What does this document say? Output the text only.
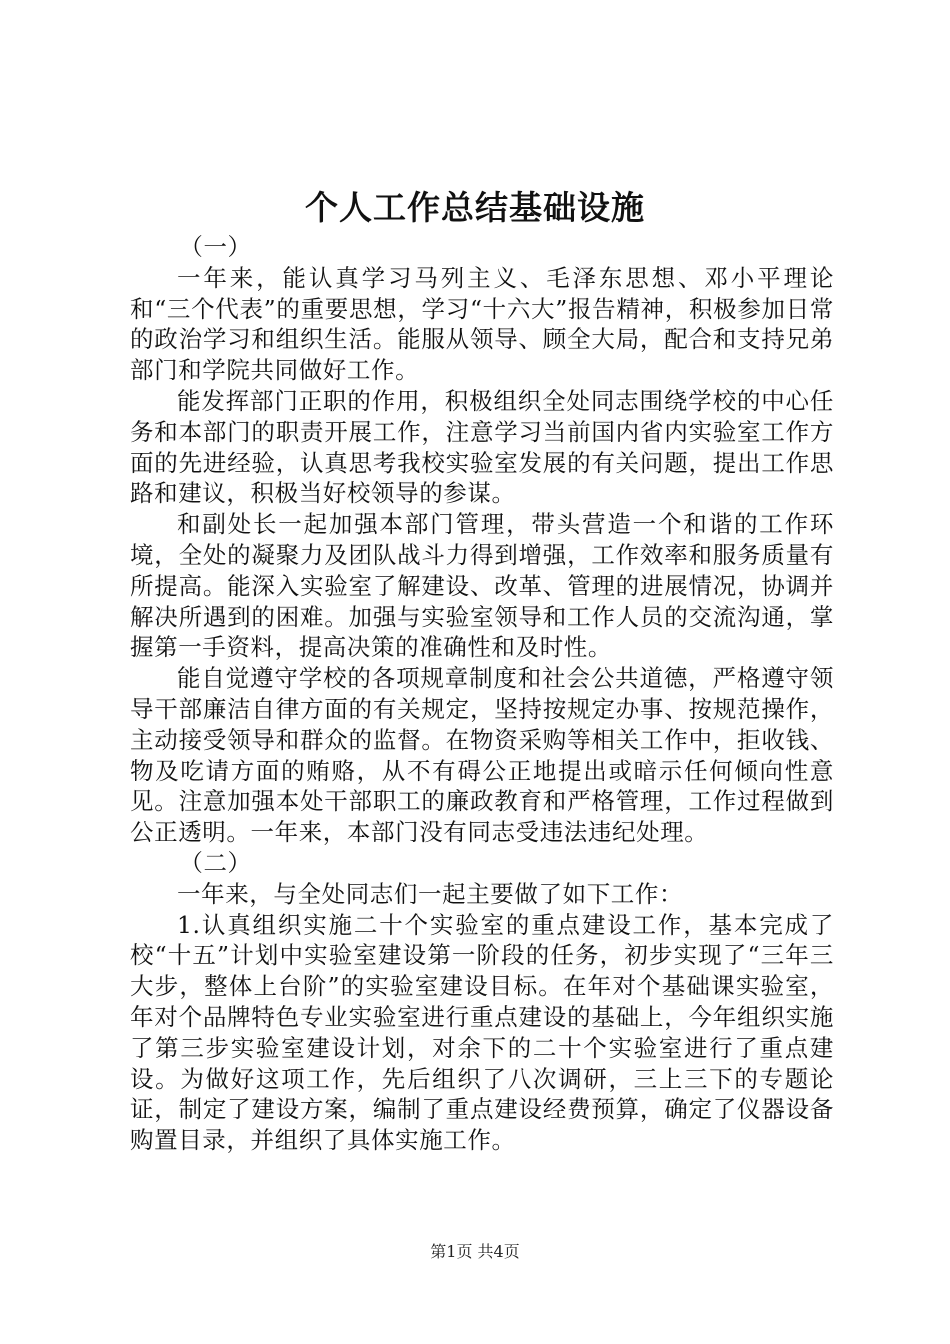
个人工作总结基础设施

（一）

一年来，能认真学习马列主义、毛泽东思想、邓小平理论和“三个代表”的重要思想，学习“十六大”报告精神，积极参加日常的政治学习和组织生活。能服从领导、顾全大局，配合和支持兄弟部门和学院共同做好工作。

能发挥部门正职的作用，积极组织全处同志围绕学校的中心任务和本部门的职责开展工作，注意学习当前国内省内实验室工作方面的先进经验，认真思考我校实验室发展的有关问题，提出工作思路和建议，积极当好校领导的参谋。

和副处长一起加强本部门管理，带头营造一个和谐的工作环境，全处的凝聚力及团队战斗力得到增强，工作效率和服务质量有所提高。能深入实验室了解建设、改革、管理的进展情况，协调并解决所遇到的困难。加强与实验室领导和工作人员的交流沟通，掌握第一手资料，提高决策的准确性和及时性。

能自觉遵守学校的各项规章制度和社会公共道德，严格遵守领导干部廉洁自律方面的有关规定，坚持按规定办事、按规范操作，主动接受领导和群众的监督。在物资采购等相关工作中，拒收钱、物及吃请方面的贿赂，从不有碍公正地提出或暗示任何倾向性意见。注意加强本处干部职工的廉政教育和严格管理，工作过程做到公正透明。一年来，本部门没有同志受违法违纪处理。

（二）

一年来，与全处同志们一起主要做了如下工作：

1.认真组织实施二十个实验室的重点建设工作，基本完成了校“十五”计划中实验室建设第一阶段的任务，初步实现了“三年三大步，整体上台阶”的实验室建设目标。在年对个基础课实验室，年对个品牌特色专业实验室进行重点建设的基础上，今年组织实施了第三步实验室建设计划，对余下的二十个实验室进行了重点建设。为做好这项工作，先后组织了八次调研，三上三下的专题论证，制定了建设方案，编制了重点建设经费预算，确定了仪器设备购置目录，并组织了具体实施工作。

第1页 共4页
